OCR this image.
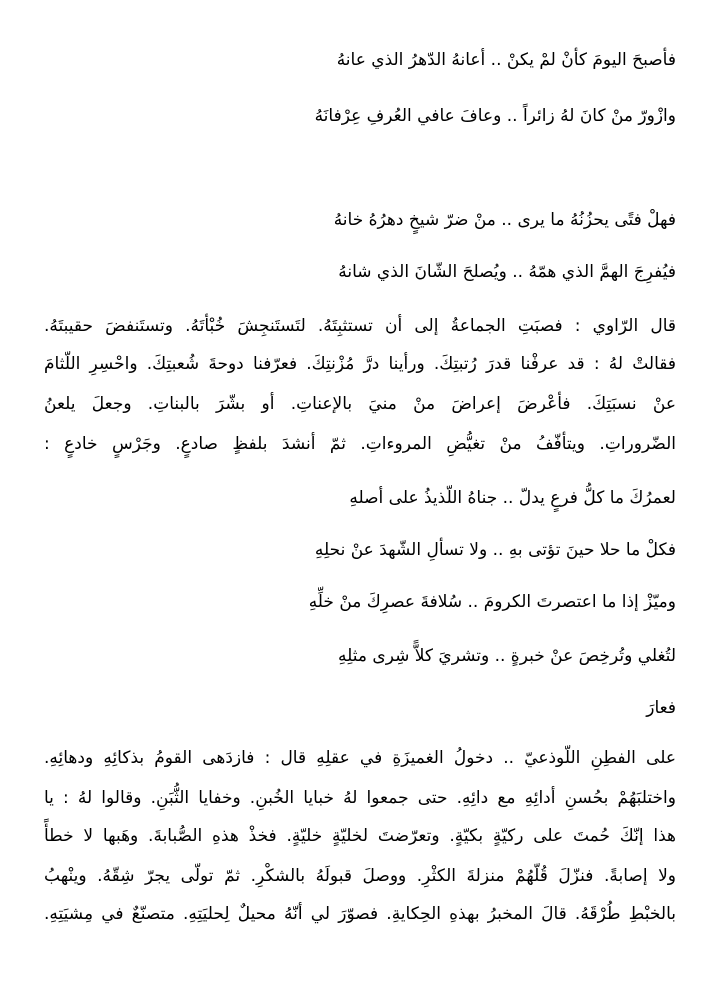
فأصبحَ اليومَ كأنْ لمْ يكنْ .. أعانهُ الدّهرُ الذي عانهُ

وازْورّ منْ كانَ لهُ زائراً .. وعافَ عافي العُرفِ عِرْفانَهُ

فهلْ فتًى يحزُنُهُ ما يرى .. منْ ضرّ شيخٍ دهرُهُ خانهُ

فيُفرِجَ الهمَّ الذي همّهُ .. ويُصلحَ الشّانَ الذي شانهُ

قال الرّاوي : فصبَتِ الجماعةُ إلى أن تستثبِتَهُ. لتَستَنجِشَ خُبْأتَهُ. وتستَنفضَ حقيبتَهُ.

فقالتْ لهُ : قد عرفْنا قدرَ رُتبتِكَ. ورأينا درَّ مُزْنتِكَ. فعرّفنا دوحةَ شُعبتِكَ. واحْسِرِ اللّثامَ

عنْ نسبَتِكَ. فأعْرضَ إعراضَ منْ منيَ بالإعناتِ. أو بشّرَ بالبناتِ. وجعلَ يلعنُ

الضّروراتِ. ويتأفّفُ منْ تغيُّضِ المروءاتِ. ثمّ أنشدَ بلفظٍ صادعٍ. وجَرْسٍ خادعٍ :

لعمرُكَ ما كلُّ فرعٍ يدلّ .. جناهُ اللّذيذُ على أصلهِ

فكلْ ما حلا حينَ تؤتى بهِ .. ولا تسألِ الشّهدَ عنْ نحلِهِ

وميّزْ إذا ما اعتصرتَ الكرومَ .. سُلافةَ عصرِكَ منْ خلِّهِ

لتُغلي وتُرخِصَ عنْ خبرةٍ .. وتشريَ كلاًّ شِرى مثلِهِ

فعارَ

على الفطِنِ اللّوذعيّ .. دخولُ الغميزَةِ في عقلِهِ قال : فازدَهى القومُ بذكائِهِ ودهائِهِ.

واختلبَهُمْ بحُسنِ أدائِهِ مع دائِهِ. حتى جمعوا لهُ خبايا الخُبنِ. وخفايا الثُّبَنِ. وقالوا لهُ : يا

هذا إنّكَ حُمتَ على ركيّةٍ بكيّةٍ. وتعرّضتَ لخليّةٍ خليّةٍ. فخذْ هذهِ الصُّبابةَ. وهَبها لا خطأً

ولا إصابةً. فنزّلَ قُلّهُمْ منزلةَ الكثْرِ. ووصلَ قبولَهُ بالشكْرِ. ثمّ تولّى يجرّ شِقّهُ. وينْهبُ

بالخبْطِ طُرْقَهُ. قالَ المخبرُ بهذهِ الحِكايةِ. فصوّرَ لي أنّهُ محيلٌ لِحليَتِهِ. متصنّعٌ في مِشيَتِهِ.
